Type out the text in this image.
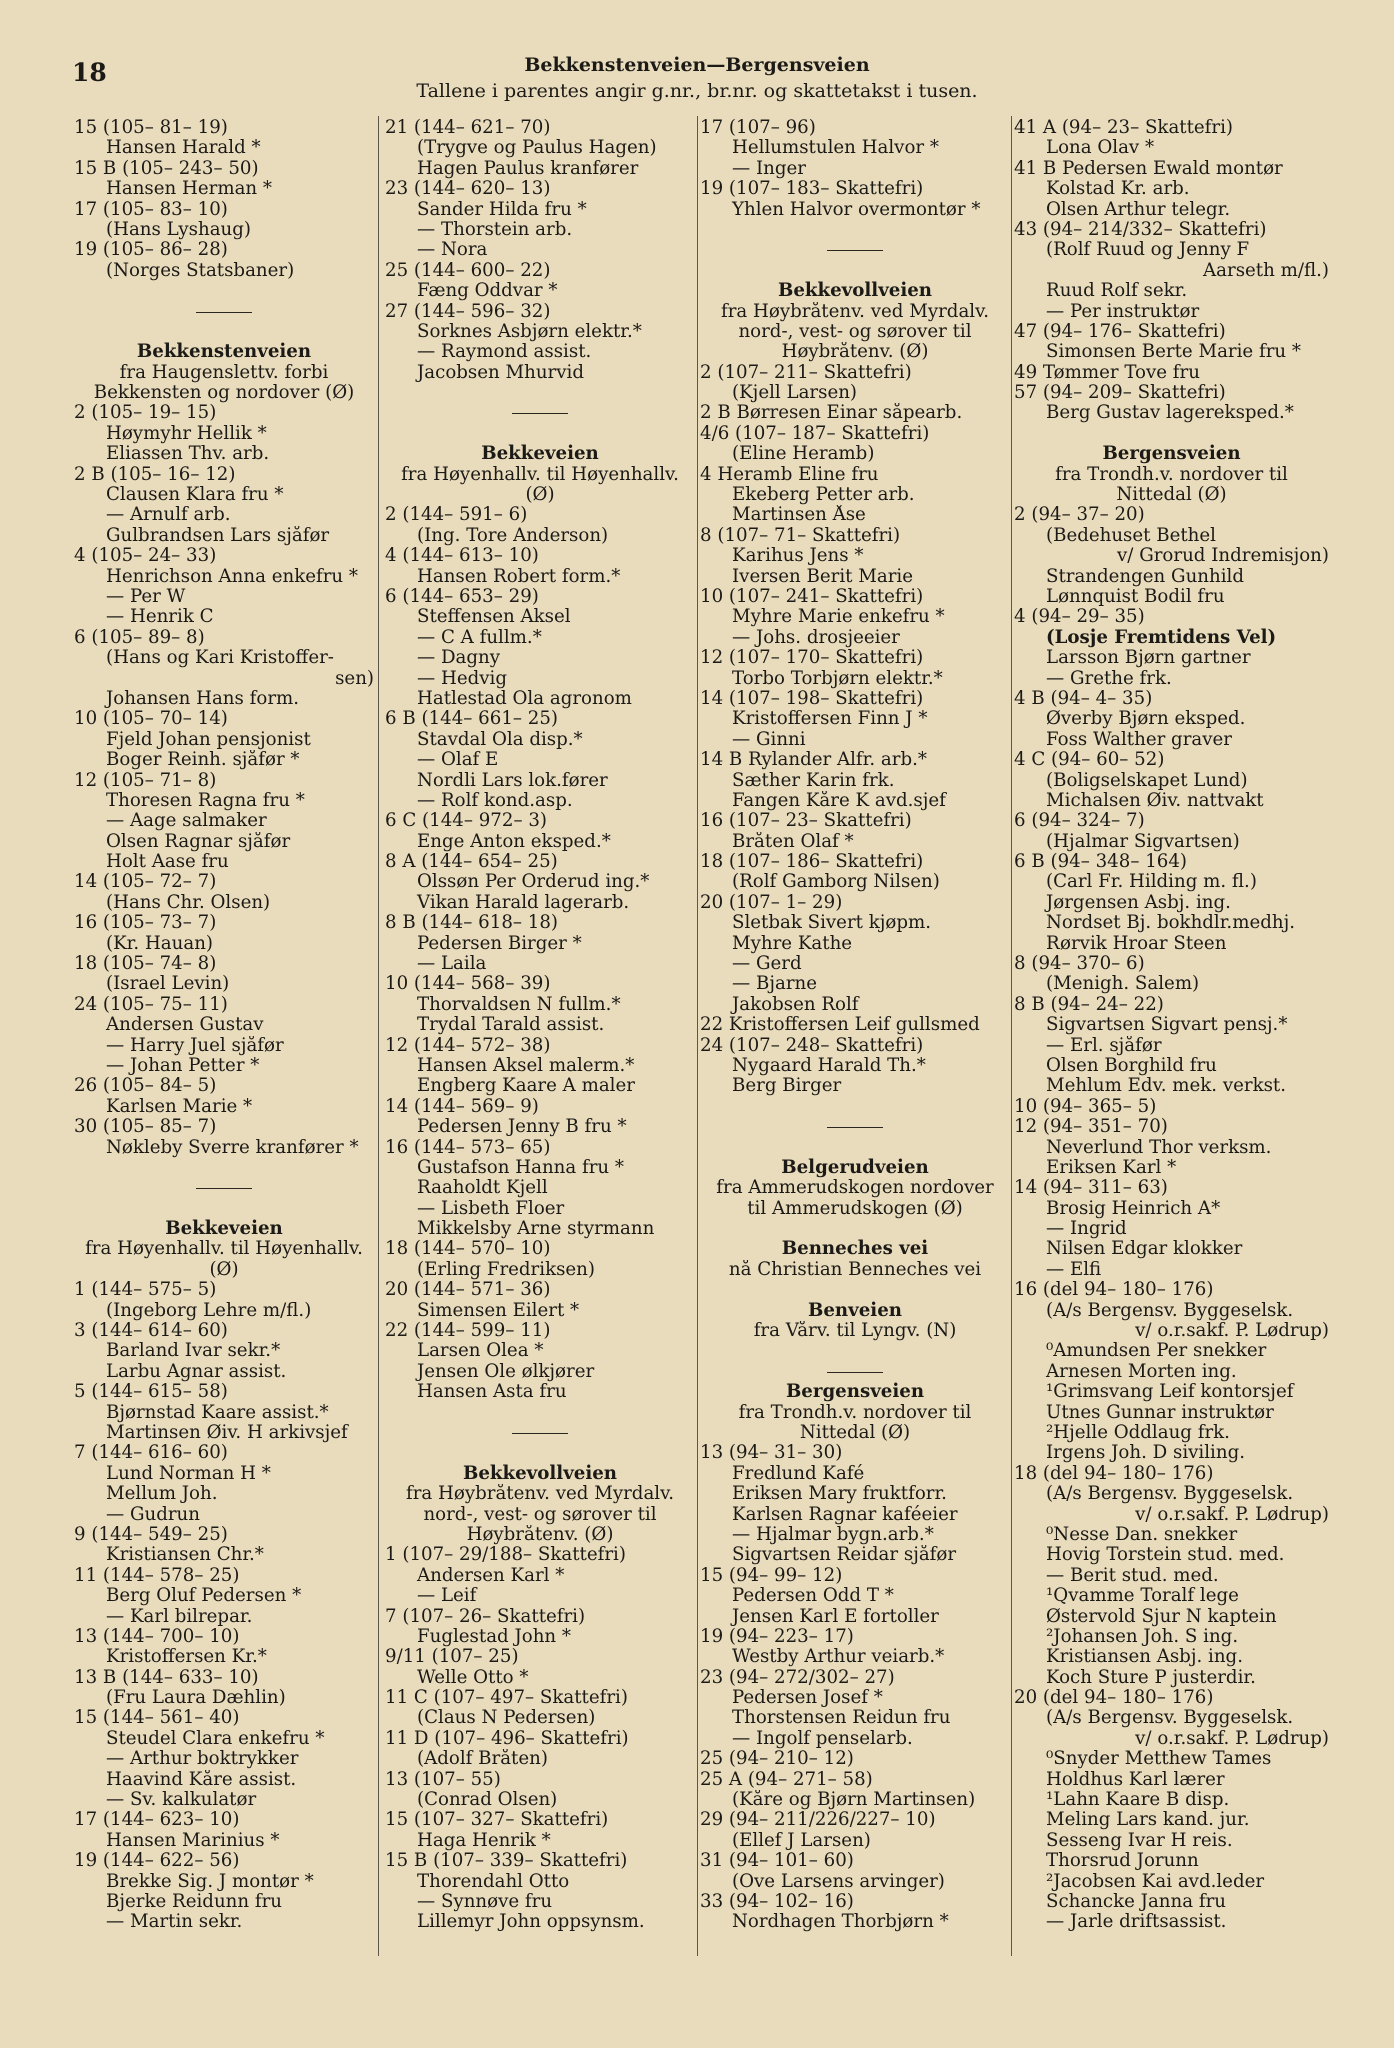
18	Bekkenstenveien—Bergensveien
Tallene i parentes angir g.nr., br.nr. og skattetakst i tusen.
15 (105– 81– 19)
Hansen Harald *
15 B (105– 243– 50)
Hansen Herman *
17 (105– 83– 10)
(Hans Lyshaug)
19 (105– 86– 28)
(Norges Statsbaner)
Bekkenstenveien
fra Haugenslettv. forbi
Bekkensten og nordover (Ø)
2 (105– 19– 15)
Høymyhr Hellik *
Eliassen Thv. arb.
2 B (105– 16– 12)
Clausen Klara fru *
— Arnulf arb.
Gulbrandsen Lars sjåfør
4 (105– 24– 33)
Henrichson Anna enkefru *
— Per W
— Henrik C
6 (105– 89– 8)
(Hans og Kari Kristoffer-
sen)
Johansen Hans form.
10 (105– 70– 14)
Fjeld Johan pensjonist
Boger Reinh. sjåfør *
12 (105– 71– 8)
Thoresen Ragna fru *
— Aage salmaker
Olsen Ragnar sjåfør
Holt Aase fru
14 (105– 72– 7)
(Hans Chr. Olsen)
16 (105– 73– 7)
(Kr. Hauan)
18 (105– 74– 8)
(Israel Levin)
24 (105– 75– 11)
Andersen Gustav
— Harry Juel sjåfør
— Johan Petter *
26 (105– 84– 5)
Karlsen Marie *
30 (105– 85– 7)
Nøkleby Sverre kranfører *
Bekkeveien
fra Høyenhallv. til Høyenhallv.
(Ø)
1 (144– 575– 5)
(Ingeborg Lehre m/fl.)
3 (144– 614– 60)
Barland Ivar sekr.*
Larbu Agnar assist.
5 (144– 615– 58)
Bjørnstad Kaare assist.*
Martinsen Øiv. H arkivsjef
7 (144– 616– 60)
Lund Norman H *
Mellum Joh.
— Gudrun
9 (144– 549– 25)
Kristiansen Chr.*
11 (144– 578– 25)
Berg Oluf Pedersen *
— Karl bilrepar.
13 (144– 700– 10)
Kristoffersen Kr.*
13 B (144– 633– 10)
(Fru Laura Dæhlin)
15 (144– 561– 40)
Steudel Clara enkefru *
— Arthur boktrykker
Haavind Kåre assist.
— Sv. kalkulatør
17 (144– 623– 10)
Hansen Marinius *
19 (144– 622– 56)
Brekke Sig. J montør *
Bjerke Reidunn fru
— Martin sekr.
21 (144– 621– 70)
(Trygve og Paulus Hagen)
Hagen Paulus kranfører
23 (144– 620– 13)
Sander Hilda fru *
— Thorstein arb.
— Nora
25 (144– 600– 22)
Fæng Oddvar *
27 (144– 596– 32)
Sorknes Asbjørn elektr.*
— Raymond assist.
Jacobsen Mhurvid
Bekkeveien
fra Høyenhallv. til Høyenhallv.
(Ø)
2 (144– 591– 6)
(Ing. Tore Anderson)
4 (144– 613– 10)
Hansen Robert form.*
6 (144– 653– 29)
Steffensen Aksel
— C A fullm.*
— Dagny
— Hedvig
Hatlestad Ola agronom
6 B (144– 661– 25)
Stavdal Ola disp.*
— Olaf E
Nordli Lars lok.fører
— Rolf kond.asp.
6 C (144– 972– 3)
Enge Anton eksped.*
8 A (144– 654– 25)
Olssøn Per Orderud ing.*
Vikan Harald lagerarb.
8 B (144– 618– 18)
Pedersen Birger *
— Laila
10 (144– 568– 39)
Thorvaldsen N fullm.*
Trydal Tarald assist.
12 (144– 572– 38)
Hansen Aksel malerm.*
Engberg Kaare A maler
14 (144– 569– 9)
Pedersen Jenny B fru *
16 (144– 573– 65)
Gustafson Hanna fru *
Raaholdt Kjell
— Lisbeth Floer
Mikkelsby Arne styrmann
18 (144– 570– 10)
(Erling Fredriksen)
20 (144– 571– 36)
Simensen Eilert *
22 (144– 599– 11)
Larsen Olea *
Jensen Ole ølkjører
Hansen Asta fru
Bekkevollveien
fra Høybråtenv. ved Myrdalv.
nord-, vest- og sørover til
Høybråtenv. (Ø)
1 (107– 29/188– Skattefri)
Andersen Karl *
— Leif
7 (107– 26– Skattefri)
Fuglestad John *
9/11 (107– 25)
Welle Otto *
11 C (107– 497– Skattefri)
(Claus N Pedersen)
11 D (107– 496– Skattefri)
(Adolf Bråten)
13 (107– 55)
(Conrad Olsen)
15 (107– 327– Skattefri)
Haga Henrik *
15 B (107– 339– Skattefri)
Thorendahl Otto
— Synnøve fru
Lillemyr John oppsynsm.
17 (107– 96)
Hellumstulen Halvor *
— Inger
19 (107– 183– Skattefri)
Yhlen Halvor overmontør *
Bekkevollveien
fra Høybråtenv. ved Myrdalv.
nord-, vest- og sørover til
Høybråtenv. (Ø)
2 (107– 211– Skattefri)
(Kjell Larsen)
2 B Børresen Einar såpearb.
4/6 (107– 187– Skattefri)
(Eline Heramb)
4 Heramb Eline fru
Ekeberg Petter arb.
Martinsen Åse
8 (107– 71– Skattefri)
Karihus Jens *
Iversen Berit Marie
10 (107– 241– Skattefri)
Myhre Marie enkefru *
— Johs. drosjeeier
12 (107– 170– Skattefri)
Torbo Torbjørn elektr.*
14 (107– 198– Skattefri)
Kristoffersen Finn J *
— Ginni
14 B Rylander Alfr. arb.*
Sæther Karin frk.
Fangen Kåre K avd.sjef
16 (107– 23– Skattefri)
Bråten Olaf *
18 (107– 186– Skattefri)
(Rolf Gamborg Nilsen)
20 (107– 1– 29)
Sletbak Sivert kjøpm.
Myhre Kathe
— Gerd
— Bjarne
Jakobsen Rolf
22 Kristoffersen Leif gullsmed
24 (107– 248– Skattefri)
Nygaard Harald Th.*
Berg Birger
Belgerudveien
fra Ammerudskogen nordover
til Ammerudskogen (Ø)
Benneches vei
nå Christian Benneches vei
Benveien
fra Vårv. til Lyngv. (N)
Bergensveien
fra Trondh.v. nordover til
Nittedal (Ø)
13 (94– 31– 30)
Fredlund Kafé
Eriksen Mary fruktforr.
Karlsen Ragnar kaféeier
— Hjalmar bygn.arb.*
Sigvartsen Reidar sjåfør
15 (94– 99– 12)
Pedersen Odd T *
Jensen Karl E fortoller
19 (94– 223– 17)
Westby Arthur veiarb.*
23 (94– 272/302– 27)
Pedersen Josef *
Thorstensen Reidun fru
— Ingolf penselarb.
25 (94– 210– 12)
25 A (94– 271– 58)
(Kåre og Bjørn Martinsen)
29 (94– 211/226/227– 10)
(Ellef J Larsen)
31 (94– 101– 60)
(Ove Larsens arvinger)
33 (94– 102– 16)
Nordhagen Thorbjørn *
41 A (94– 23– Skattefri)
Lona Olav *
41 B Pedersen Ewald montør
Kolstad Kr. arb.
Olsen Arthur telegr.
43 (94– 214/332– Skattefri)
(Rolf Ruud og Jenny F
Aarseth m/fl.)
Ruud Rolf sekr.
— Per instruktør
47 (94– 176– Skattefri)
Simonsen Berte Marie fru *
49 Tømmer Tove fru
57 (94– 209– Skattefri)
Berg Gustav lagereksped.*
Bergensveien
fra Trondh.v. nordover til
Nittedal (Ø)
2 (94– 37– 20)
(Bedehuset Bethel
v/ Grorud Indremisjon)
Strandengen Gunhild
Lønnquist Bodil fru
4 (94– 29– 35)
(Losje Fremtidens Vel)
Larsson Bjørn gartner
— Grethe frk.
4 B (94– 4– 35)
Øverby Bjørn eksped.
Foss Walther graver
4 C (94– 60– 52)
(Boligselskapet Lund)
Michalsen Øiv. nattvakt
6 (94– 324– 7)
(Hjalmar Sigvartsen)
6 B (94– 348– 164)
(Carl Fr. Hilding m. fl.)
Jørgensen Asbj. ing.
Nordset Bj. bokhdlr.medhj.
Rørvik Hroar Steen
8 (94– 370– 6)
(Menigh. Salem)
8 B (94– 24– 22)
Sigvartsen Sigvart pensj.*
— Erl. sjåfør
Olsen Borghild fru
Mehlum Edv. mek. verkst.
10 (94– 365– 5)
12 (94– 351– 70)
Neverlund Thor verksm.
Eriksen Karl *
14 (94– 311– 63)
Brosig Heinrich A*
— Ingrid
Nilsen Edgar klokker
— Elfi
16 (del 94– 180– 176)
(A/s Bergensv. Byggeselsk.
v/ o.r.sakf. P. Lødrup)
⁰Amundsen Per snekker
Arnesen Morten ing.
¹Grimsvang Leif kontorsjef
Utnes Gunnar instruktør
²Hjelle Oddlaug frk.
Irgens Joh. D siviling.
18 (del 94– 180– 176)
(A/s Bergensv. Byggeselsk.
v/ o.r.sakf. P. Lødrup)
⁰Nesse Dan. snekker
Hovig Torstein stud. med.
— Berit stud. med.
¹Qvamme Toralf lege
Østervold Sjur N kaptein
²Johansen Joh. S ing.
Kristiansen Asbj. ing.
Koch Sture P justerdir.
20 (del 94– 180– 176)
(A/s Bergensv. Byggeselsk.
v/ o.r.sakf. P. Lødrup)
⁰Snyder Metthew Tames
Holdhus Karl lærer
¹Lahn Kaare B disp.
Meling Lars kand. jur.
Sesseng Ivar H reis.
Thorsrud Jorunn
²Jacobsen Kai avd.leder
Schancke Janna fru
— Jarle driftsassist.
